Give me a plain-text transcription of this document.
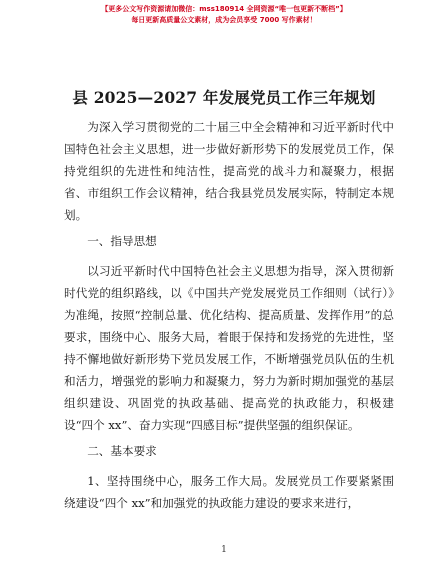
【更多公文写作资源请加微信：mss180914 全网资源“唯一包更新不断档”】
每日更新高质量公文素材，成为会员享受 7000 写作素材！
县 2025—2027 年发展党员工作三年规划

为深入学习贯彻党的二十届三中全会精神和习近平新时代中国特色社会主义思想，进一步做好新形势下的发展党员工作，保持党组织的先进性和纯洁性，提高党的战斗力和凝聚力，根据省、市组织工作会议精神，结合我县党员发展实际，特制定本规划。

一、指导思想

以习近平新时代中国特色社会主义思想为指导，深入贯彻新时代党的组织路线，以《中国共产党发展党员工作细则（试行）》为准绳，按照“控制总量、优化结构、提高质量、发挥作用”的总要求，围绕中心、服务大局，着眼于保持和发扬党的先进性，坚持不懈地做好新形势下党员发展工作，不断增强党员队伍的生机和活力，增强党的影响力和凝聚力，努力为新时期加强党的基层组织建设、巩固党的执政基础、提高党的执政能力，积极建设“四个 xx”、奋力实现“四感目标”提供坚强的组织保证。

二、基本要求

1、坚持围绕中心，服务工作大局。发展党员工作要紧紧围绕建设“四个 xx”和加强党的执政能力建设的要求来进行，

1
